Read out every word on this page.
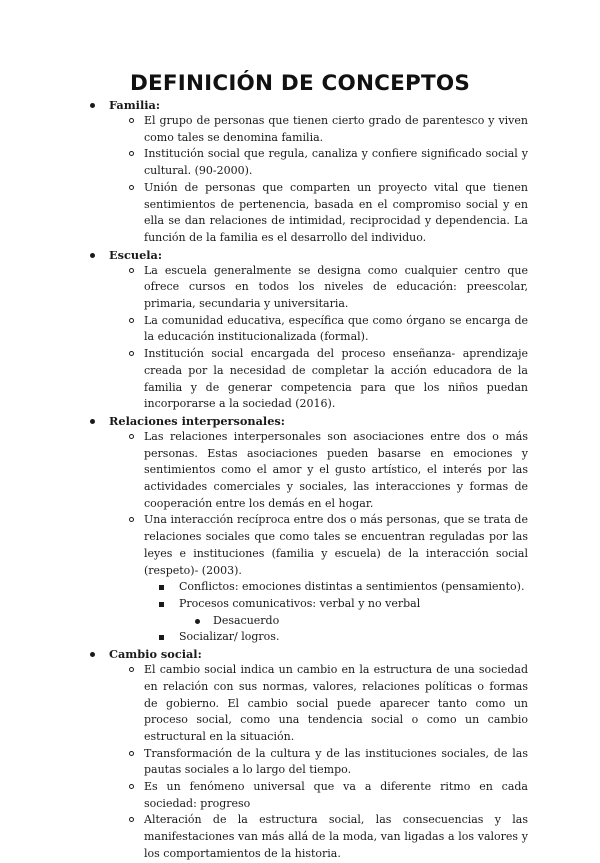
DEFINICIÓN DE CONCEPTOS
Familia:
El grupo de personas que tienen cierto grado de parentesco y viven como tales se denomina familia.
Institución social que regula, canaliza y confiere significado social y cultural. (90-2000).
Unión de personas que comparten un proyecto vital que tienen sentimientos de pertenencia, basada en el compromiso social y en ella se dan relaciones de intimidad, reciprocidad y dependencia. La función de la familia es el desarrollo del individuo.
Escuela:
La escuela generalmente se designa como cualquier centro que ofrece cursos en todos los niveles de educación: preescolar, primaria, secundaria y universitaria.
La comunidad educativa, específica que como órgano se encarga de la educación institucionalizada (formal).
Institución social encargada del proceso enseñanza- aprendizaje creada por la necesidad de completar la acción educadora de la familia y de generar competencia para que los niños puedan incorporarse a la sociedad (2016).
Relaciones interpersonales:
Las relaciones interpersonales son asociaciones entre dos o más personas. Estas asociaciones pueden basarse en emociones y sentimientos como el amor y el gusto artístico, el interés por las actividades comerciales y sociales, las interacciones y formas de cooperación entre los demás en el hogar.
Una interacción recíproca entre dos o más personas, que se trata de relaciones sociales que como tales se encuentran reguladas por las leyes e instituciones (familia y escuela) de la interacción social (respeto)- (2003).
Conflictos: emociones distintas a sentimientos (pensamiento).
Procesos comunicativos: verbal y no verbal
Desacuerdo
Socializar/ logros.
Cambio social:
El cambio social indica un cambio en la estructura de una sociedad en relación con sus normas, valores, relaciones políticas o formas de gobierno. El cambio social puede aparecer tanto como un proceso social, como una tendencia social o como un cambio estructural en la situación.
Transformación de la cultura y de las instituciones sociales, de las pautas sociales a lo largo del tiempo.
Es un fenómeno universal que va a diferente ritmo en cada sociedad: progreso
Alteración de la estructura social, las consecuencias y las manifestaciones van más allá de la moda, van ligadas a los valores y los comportamientos de la historia.
